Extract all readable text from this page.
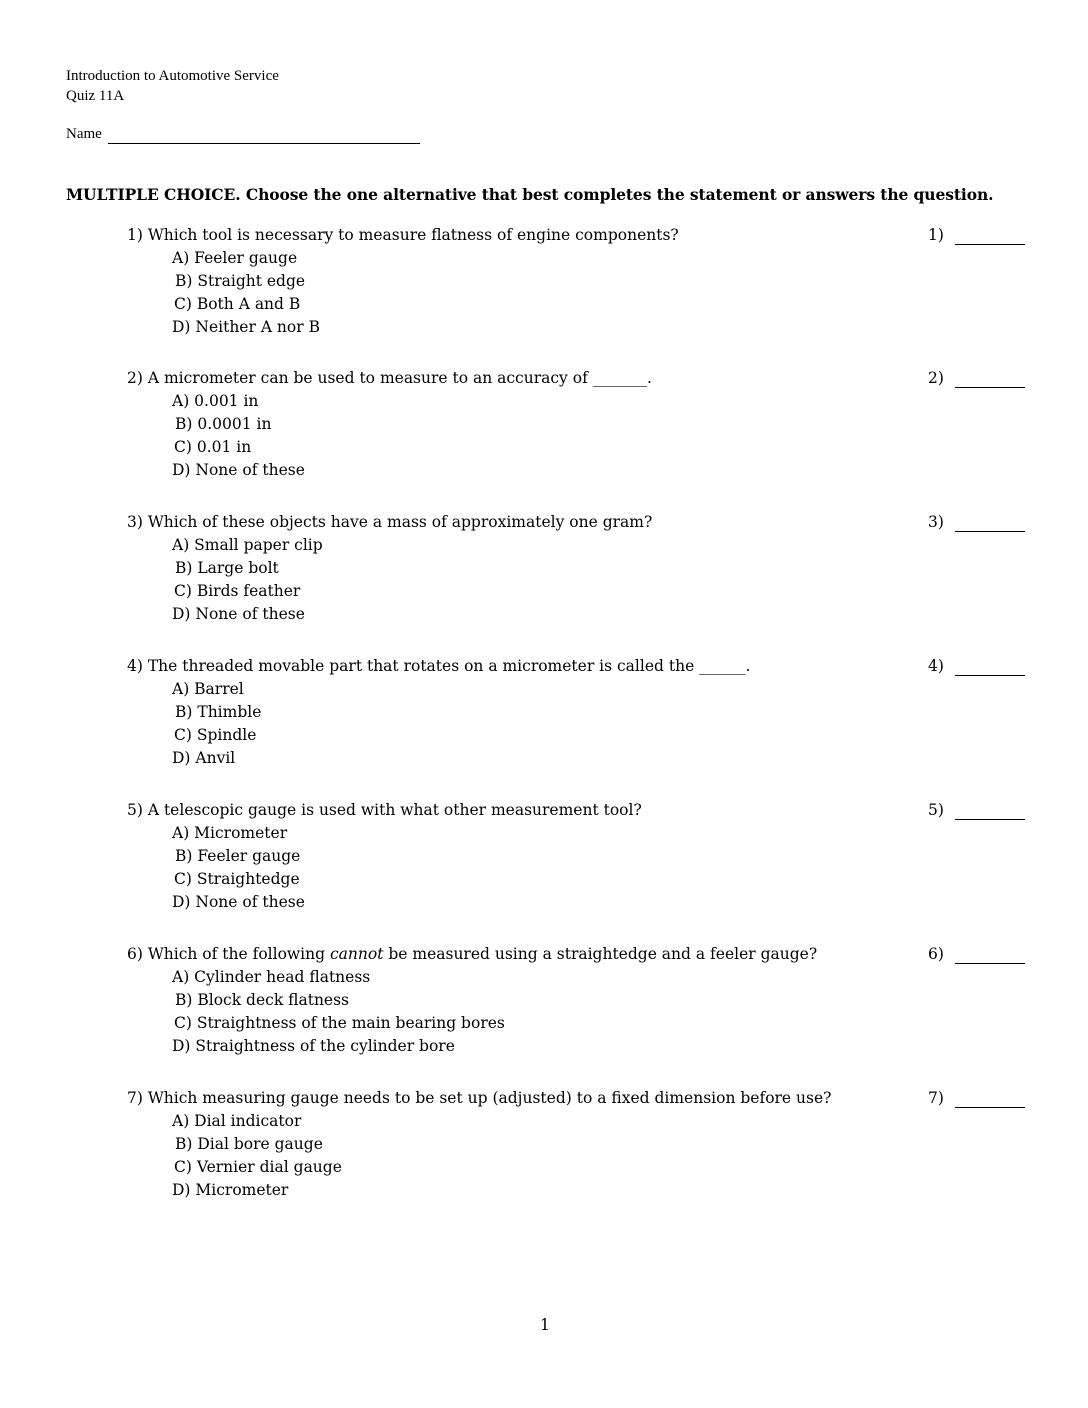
Introduction to Automotive Service
Quiz 11A
Name
MULTIPLE CHOICE. Choose the one alternative that best completes the statement or answers the question.
1) Which tool is necessary to measure flatness of engine components?
A) Feeler gauge
B) Straight edge
C) Both A and B
D) Neither A nor B
1)
2) A micrometer can be used to measure to an accuracy of _______.
A) 0.001 in
B) 0.0001 in
C) 0.01 in
D) None of these
2)
3) Which of these objects have a mass of approximately one gram?
A) Small paper clip
B) Large bolt
C) Birds feather
D) None of these
3)
4) The threaded movable part that rotates on a micrometer is called the ______.
A) Barrel
B) Thimble
C) Spindle
D) Anvil
4)
5) A telescopic gauge is used with what other measurement tool?
A) Micrometer
B) Feeler gauge
C) Straightedge
D) None of these
5)
6) Which of the following cannot be measured using a straightedge and a feeler gauge?
A) Cylinder head flatness
B) Block deck flatness
C) Straightness of the main bearing bores
D) Straightness of the cylinder bore
6)
7) Which measuring gauge needs to be set up (adjusted) to a fixed dimension before use?
A) Dial indicator
B) Dial bore gauge
C) Vernier dial gauge
D) Micrometer
7)
1
